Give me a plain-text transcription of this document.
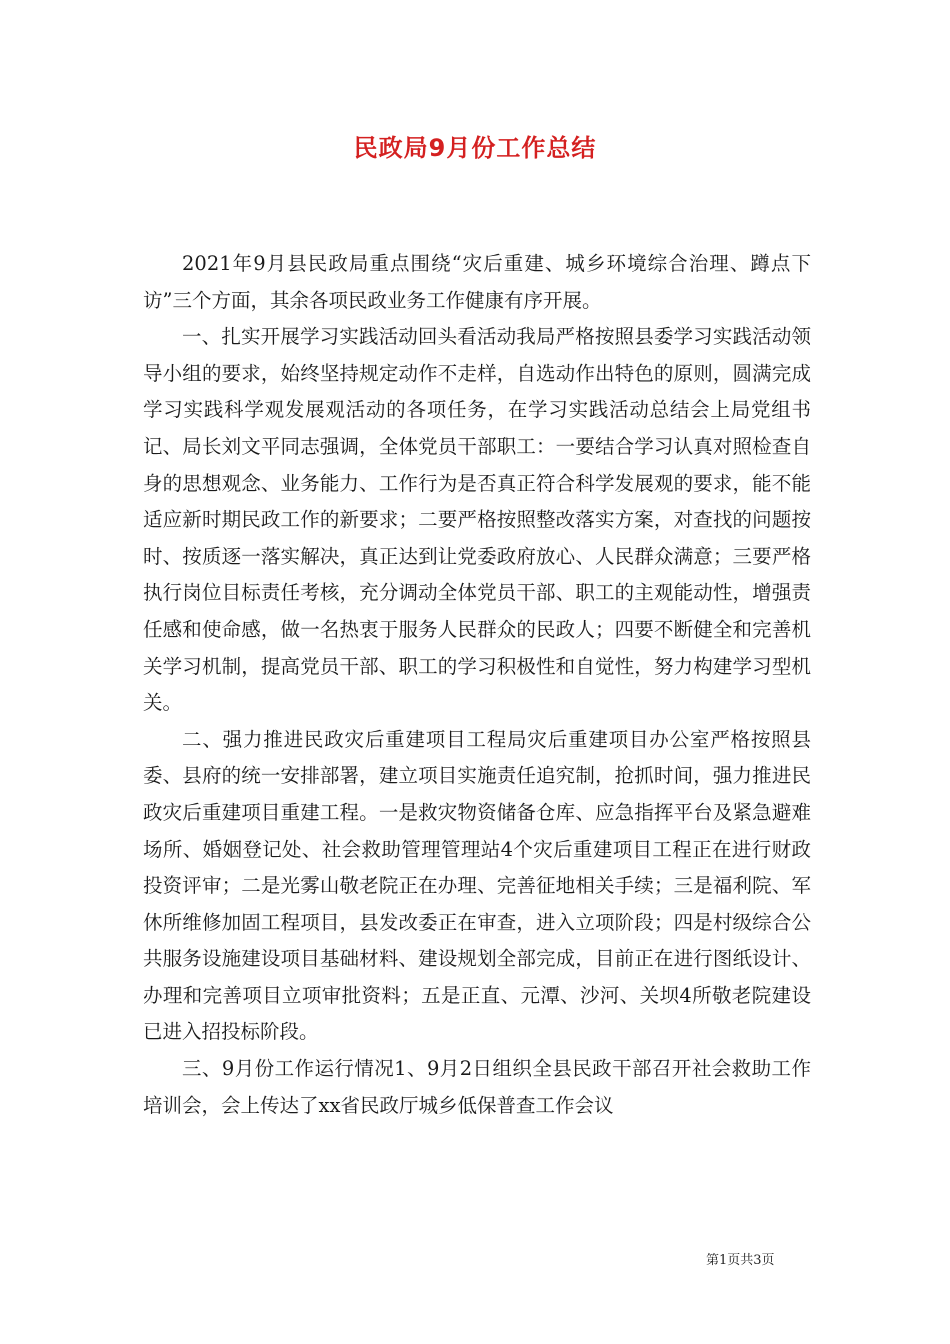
民政局9月份工作总结

2021年9月县民政局重点围绕“灾后重建、城乡环境综合治理、蹲点下访”三个方面，其余各项民政业务工作健康有序开展。

一、扎实开展学习实践活动回头看活动我局严格按照县委学习实践活动领导小组的要求，始终坚持规定动作不走样，自选动作出特色的原则，圆满完成学习实践科学观发展观活动的各项任务，在学习实践活动总结会上局党组书记、局长刘文平同志强调，全体党员干部职工：一要结合学习认真对照检查自身的思想观念、业务能力、工作行为是否真正符合科学发展观的要求，能不能适应新时期民政工作的新要求；二要严格按照整改落实方案，对查找的问题按时、按质逐一落实解决，真正达到让党委政府放心、人民群众满意；三要严格执行岗位目标责任考核，充分调动全体党员干部、职工的主观能动性，增强责任感和使命感，做一名热衷于服务人民群众的民政人；四要不断健全和完善机关学习机制，提高党员干部、职工的学习积极性和自觉性，努力构建学习型机关。

二、强力推进民政灾后重建项目工程局灾后重建项目办公室严格按照县委、县府的统一安排部署，建立项目实施责任追究制，抢抓时间，强力推进民政灾后重建项目重建工程。一是救灾物资储备仓库、应急指挥平台及紧急避难场所、婚姻登记处、社会救助管理管理站4个灾后重建项目工程正在进行财政投资评审；二是光雾山敬老院正在办理、完善征地相关手续；三是福利院、军休所维修加固工程项目，县发改委正在审查，进入立项阶段；四是村级综合公共服务设施建设项目基础材料、建设规划全部完成，目前正在进行图纸设计、办理和完善项目立项审批资料；五是正直、元潭、沙河、关坝4所敬老院建设已进入招投标阶段。

三、9月份工作运行情况1、9月2日组织全县民政干部召开社会救助工作培训会，会上传达了xx省民政厅城乡低保普查工作会议

第1页共3页
